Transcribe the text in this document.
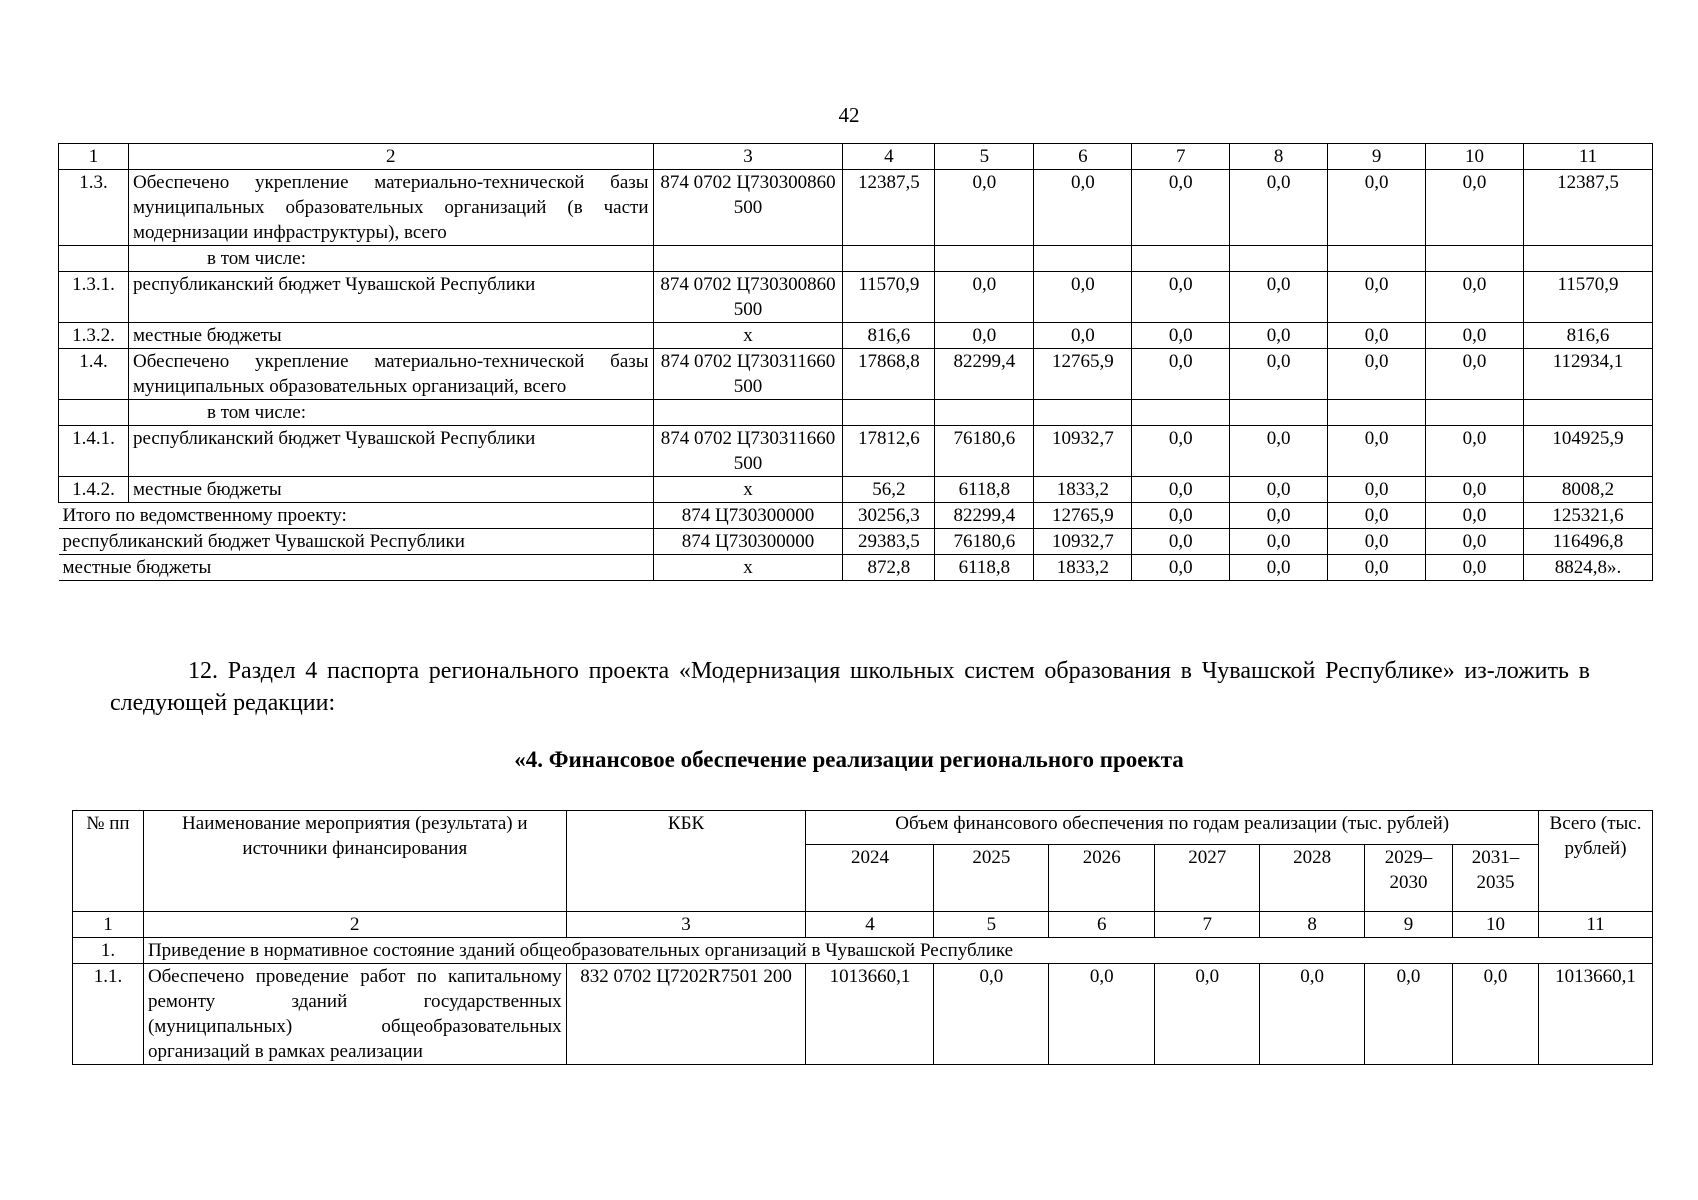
42
1	2	3	4	5	6	7	8	9	10	11
1.3.	Обеспечено укрепление материально-технической базы муниципальных образовательных организаций (в части модернизации инфраструктуры), всего	874 0702 Ц730300860 500	12387,5	0,0	0,0	0,0	0,0	0,0	0,0	12387,5
	в том числе:									
1.3.1.	республиканский бюджет Чувашской Республики	874 0702 Ц730300860 500	11570,9	0,0	0,0	0,0	0,0	0,0	0,0	11570,9
1.3.2.	местные бюджеты	х	816,6	0,0	0,0	0,0	0,0	0,0	0,0	816,6
1.4.	Обеспечено укрепление материально-технической базы муниципальных образовательных организаций, всего	874 0702 Ц730311660 500	17868,8	82299,4	12765,9	0,0	0,0	0,0	0,0	112934,1
	в том числе:									
1.4.1.	республиканский бюджет Чувашской Республики	874 0702 Ц730311660 500	17812,6	76180,6	10932,7	0,0	0,0	0,0	0,0	104925,9
1.4.2.	местные бюджеты	х	56,2	6118,8	1833,2	0,0	0,0	0,0	0,0	8008,2
Итого по ведомственному проекту:		874 Ц730300000	30256,3	82299,4	12765,9	0,0	0,0	0,0	0,0	125321,6
республиканский бюджет Чувашской Республики		874 Ц730300000	29383,5	76180,6	10932,7	0,0	0,0	0,0	0,0	116496,8
местные бюджеты		х	872,8	6118,8	1833,2	0,0	0,0	0,0	0,0	8824,8».

12. Раздел 4 паспорта регионального проекта «Модернизация школьных систем образования в Чувашской Республике» из-ложить в следующей редакции:

«4. Финансовое обеспечение реализации регионального проекта

№ пп	Наименование мероприятия (результата) и источники финансирования	КБК	Объем финансового обеспечения по годам реализации (тыс. рублей)							Всего (тыс. рублей)
			2024	2025	2026	2027	2028	2029–2030	2031–2035	
1	2	3	4	5	6	7	8	9	10	11
1.	Приведение в нормативное состояние зданий общеобразовательных организаций в Чувашской Республике									
1.1.	Обеспечено проведение работ по капитальному ремонту зданий государственных (муниципальных) общеобразовательных организаций в рамках реализации	832 0702 Ц7202R7501 200	1013660,1	0,0	0,0	0,0	0,0	0,0	0,0	1013660,1
